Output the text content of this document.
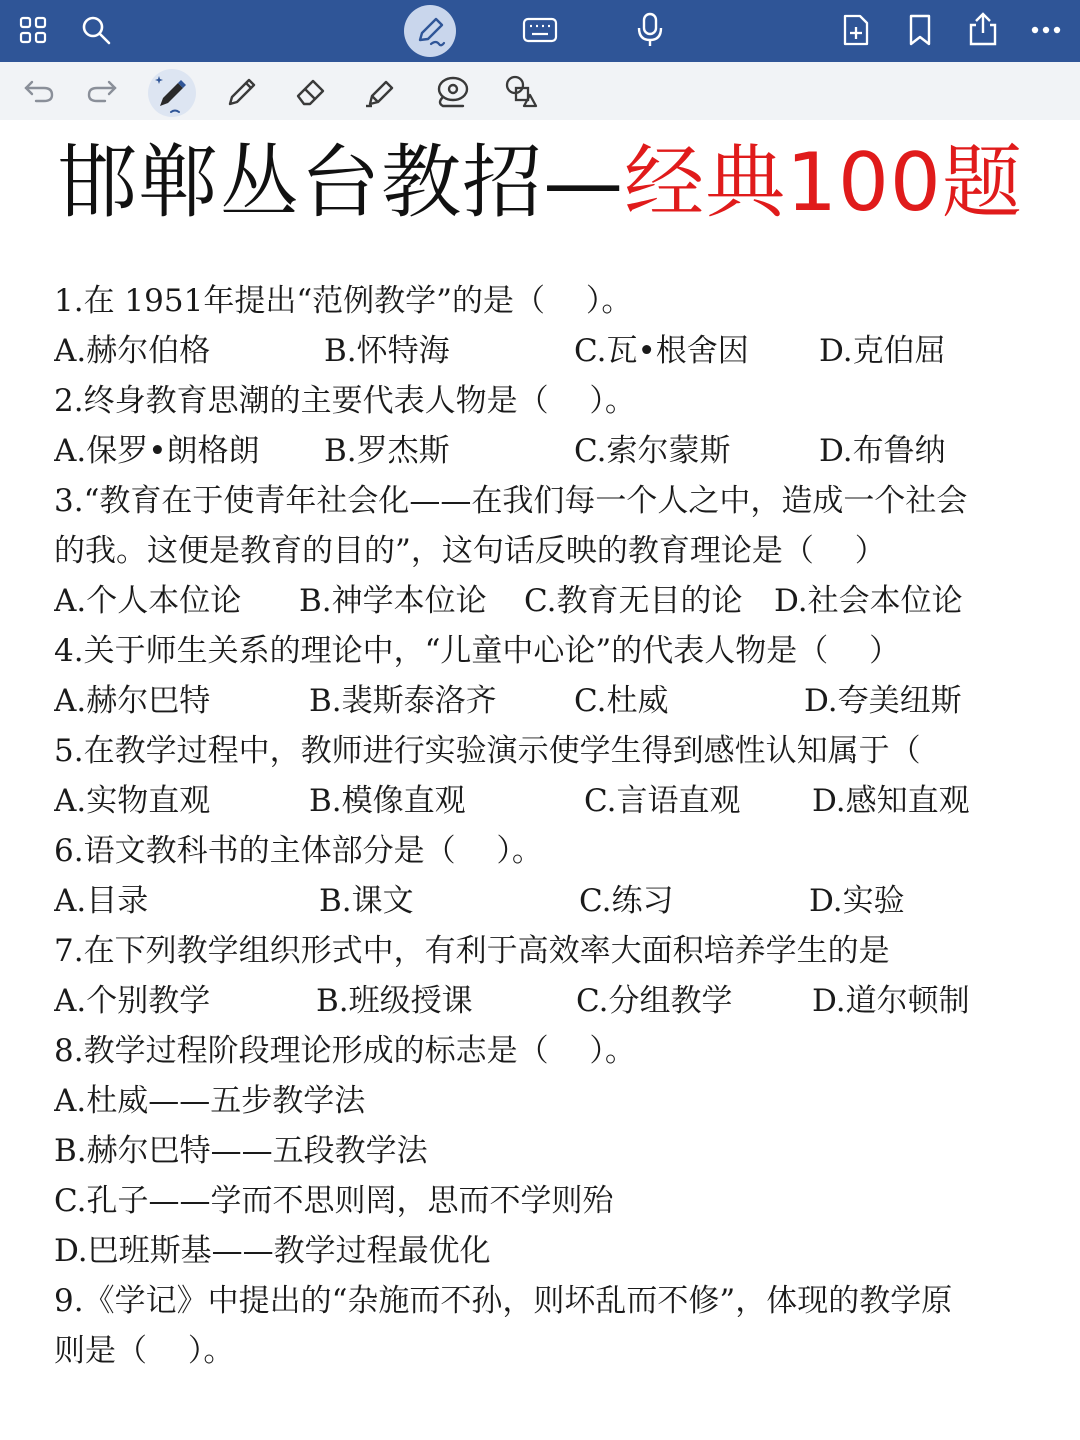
邯郸丛台教招—经典100题
1.在 1951年提出“范例教学”的是（　 ）。
A.赫尔伯格	B.怀特海	C.瓦•根舍因	D.克伯屈
2.终身教育思潮的主要代表人物是（　 ）。
A.保罗•朗格朗	B.罗杰斯	C.索尔蒙斯	D.布鲁纳
3.“教育在于使青年社会化——在我们每一个人之中，造成一个社会
的我。这便是教育的目的”，这句话反映的教育理论是（　 ）
A.个人本位论	B.神学本位论	C.教育无目的论	D.社会本位论
4.关于师生关系的理论中，“儿童中心论”的代表人物是（　 ）
A.赫尔巴特	B.裴斯泰洛齐	C.杜威	D.夸美纽斯
5.在教学过程中，教师进行实验演示使学生得到感性认知属于（
A.实物直观	B.模像直观	C.言语直观	D.感知直观
6.语文教科书的主体部分是（　 ）。
A.目录	B.课文	C.练习	D.实验
7.在下列教学组织形式中，有利于高效率大面积培养学生的是
A.个别教学	B.班级授课	C.分组教学	D.道尔顿制
8.教学过程阶段理论形成的标志是（　 ）。
A.杜威——五步教学法
B.赫尔巴特——五段教学法
C.孔子——学而不思则罔，思而不学则殆
D.巴班斯基——教学过程最优化
9.《学记》中提出的“杂施而不孙，则坏乱而不修”，体现的教学原
则是（　 ）。
